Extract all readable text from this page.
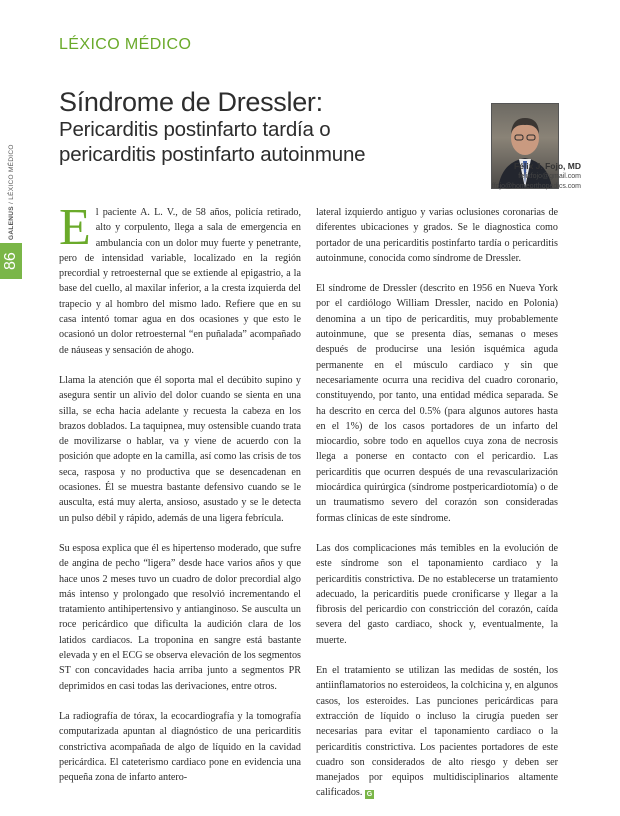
LÉXICO MÉDICO
GALENUS / LÉXICO MÉDICO
86
Síndrome de Dressler:
Pericarditis postinfarto tardía o
pericarditis postinfarto autoinmune	Félix J. Fojo, MD
felixfojo@gmail.com
ffojo@homeorthopedics.com

El paciente A. L. V., de 58 años, policía retirado, alto y corpulento, llega a sala de emergencia en ambulancia con un dolor muy fuerte y penetrante, pero de intensidad variable, localizado en la región precordial y retroesternal que se extiende al epigastrio, a la base del cuello, al maxilar inferior, a la cresta izquierda del trapecio y al hombro del mismo lado. Refiere que en su casa intentó tomar agua en dos ocasiones y que esto le ocasionó un dolor retroesternal “en puñalada” acompañado de náuseas y sensación de ahogo.

Llama la atención que él soporta mal el decúbito supino y asegura sentir un alivio del dolor cuando se sienta en una silla, se echa hacia adelante y recuesta la cabeza en los brazos doblados. La taquipnea, muy ostensible cuando trata de movilizarse o hablar, va y viene de acuerdo con la posición que adopte en la camilla, así como las crisis de tos seca, rasposa y no productiva que se desencadenan en ocasiones. Él se muestra bastante defensivo cuando se le ausculta, está muy alerta, ansioso, asustado y se le detecta un pulso débil y rápido, además de una ligera febrícula.

Su esposa explica que él es hipertenso moderado, que sufre de angina de pecho “ligera” desde hace varios años y que hace unos 2 meses tuvo un cuadro de dolor precordial algo más intenso y prolongado que resolvió incrementando el tratamiento antihipertensivo y antianginoso. Se ausculta un roce pericárdico que dificulta la audición clara de los latidos cardiacos. La troponina en sangre está bastante elevada y en el ECG se observa elevación de los segmentos ST con concavidades hacia arriba junto a segmentos PR deprimidos en casi todas las derivaciones, entre otros.

La radiografía de tórax, la ecocardiografía y la tomografía computarizada apuntan al diagnóstico de una pericarditis constrictiva acompañada de algo de líquido en la cavidad pericárdica. El cateterismo cardiaco pone en evidencia una pequeña zona de infarto antero-

lateral izquierdo antiguo y varias oclusiones coronarias de diferentes ubicaciones y grados. Se le diagnostica como portador de una pericarditis postinfarto tardía o pericarditis autoinmune, conocida como síndrome de Dressler.

El síndrome de Dressler (descrito en 1956 en Nueva York por el cardiólogo William Dressler, nacido en Polonia) denomina a un tipo de pericarditis, muy probablemente autoinmune, que se presenta días, semanas o meses después de producirse una lesión isquémica aguda permanente en el músculo cardiaco y sin que necesariamente ocurra una recidiva del cuadro coronario, constituyendo, por tanto, una entidad médica separada. Se ha descrito en cerca del 0.5% (para algunos autores hasta en el 1%) de los casos portadores de un infarto del miocardio, sobre todo en aquellos cuya zona de necrosis llega a ponerse en contacto con el pericardio. Las pericarditis que ocurren después de una revascularización miocárdica quirúrgica (síndrome postpericardiotomía) o de un traumatismo severo del corazón son consideradas formas clínicas de este síndrome.

Las dos complicaciones más temibles en la evolución de este síndrome son el taponamiento cardiaco y la pericarditis constrictiva. De no establecerse un tratamiento adecuado, la pericarditis puede cronificarse y llegar a la fibrosis del pericardio con constricción del corazón, caída severa del gasto cardiaco, shock y, eventualmente, la muerte.

En el tratamiento se utilizan las medidas de sostén, los antiinflamatorios no esteroideos, la colchicina y, en algunos casos, los esteroides. Las punciones pericárdicas para extracción de líquido o incluso la cirugía pueden ser necesarias para evitar el taponamiento cardiaco o la pericarditis constrictiva. Los pacientes portadores de este cuadro son considerados de alto riesgo y deben ser manejados por equipos multidisciplinarios altamente calificados. G
